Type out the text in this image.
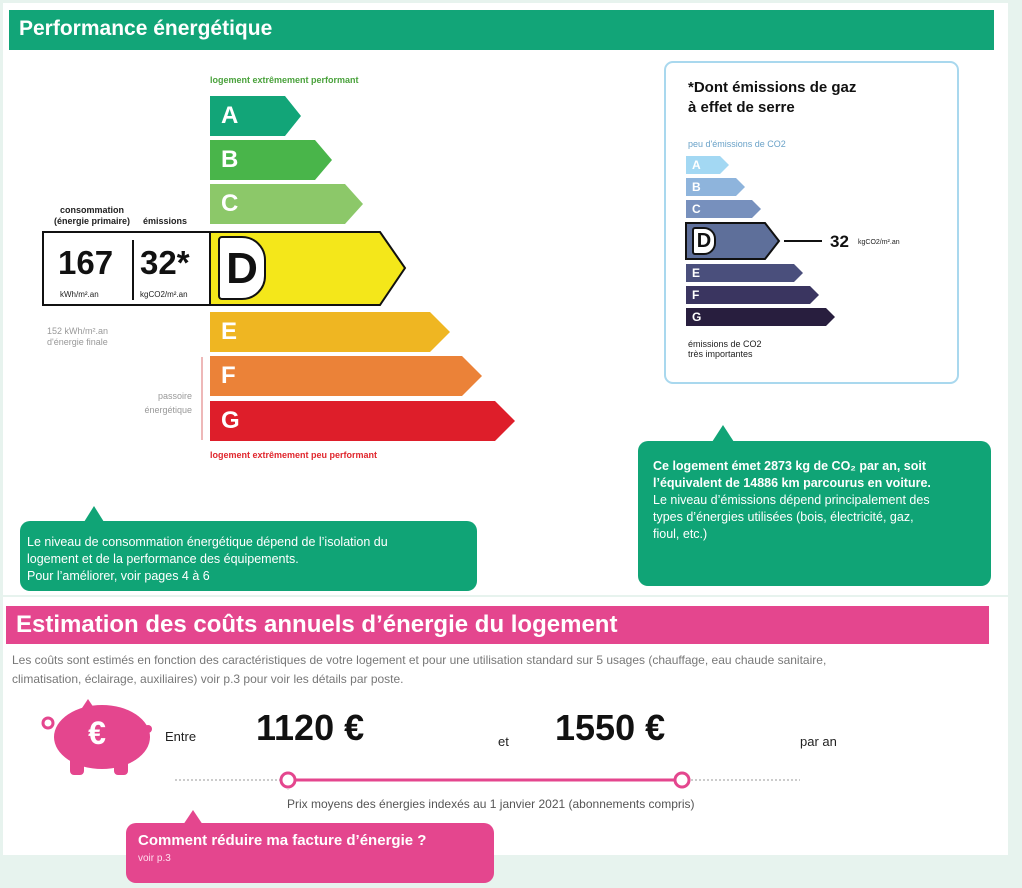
Performance énergétique
logement extrêmement performant
logement extrêmement peu performant
A
B
C
D
E
F
G
consommation
(énergie primaire)	émissions
167
kWh/m².an
32*
kgCO2/m².an
152 kWh/m².an
d'énergie finale
passoire
énergétique
Le niveau de consommation énergétique dépend de l’isolation du
logement et de la performance des équipements.
Pour l’améliorer, voir pages 4 à 6
*Dont émissions de gaz
à effet de serre
peu d'émissions de CO2
A
B
C
D
E
F
G
32 kgCO2/m².an
émissions de CO2
très importantes
Ce logement émet 2873 kg de CO₂ par an, soit
l’équivalent de 14886 km parcourus en voiture.
Le niveau d’émissions dépend principalement des
types d’énergies utilisées (bois, électricité, gaz,
fioul, etc.)
Estimation des coûts annuels d’énergie du logement
Les coûts sont estimés en fonction des caractéristiques de votre logement et pour une utilisation standard sur 5 usages (chauffage, eau chaude sanitaire,
climatisation, éclairage, auxiliaires) voir p.3 pour voir les détails par poste.
€	Entre 1120 €	et 1550 €	par an
Prix moyens des énergies indexés au 1 janvier 2021 (abonnements compris)
Comment réduire ma facture d’énergie ?
voir p.3
